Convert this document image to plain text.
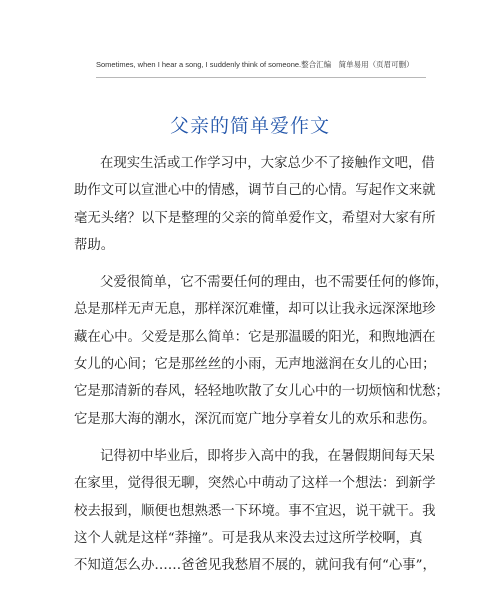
Sometimes, when I hear a song, I suddenly think of someone.整合汇编　简单易用（页眉可删）
父亲的简单爱作文
在现实生活或工作学习中，大家总少不了接触作文吧，借
助作文可以宣泄心中的情感，调节自己的心情。写起作文来就
毫无头绪？以下是整理的父亲的简单爱作文，希望对大家有所
帮助。
父爱很简单，它不需要任何的理由，也不需要任何的修饰，
总是那样无声无息，那样深沉难懂，却可以让我永远深深地珍
藏在心中。父爱是那么简单：它是那温暖的阳光，和煦地洒在
女儿的心间；它是那丝丝的小雨，无声地滋润在女儿的心田；
它是那清新的春风，轻轻地吹散了女儿心中的一切烦恼和忧愁；
它是那大海的潮水，深沉而宽广地分享着女儿的欢乐和悲伤。
记得初中毕业后，即将步入高中的我，在暑假期间每天呆
在家里，觉得很无聊，突然心中萌动了这样一个想法：到新学
校去报到，顺便也想熟悉一下环境。事不宜迟，说干就干。我
这个人就是这样“莽撞”。可是我从来没去过这所学校啊，真
不知道怎么办……爸爸见我愁眉不展的，就问我有何“心事”，
